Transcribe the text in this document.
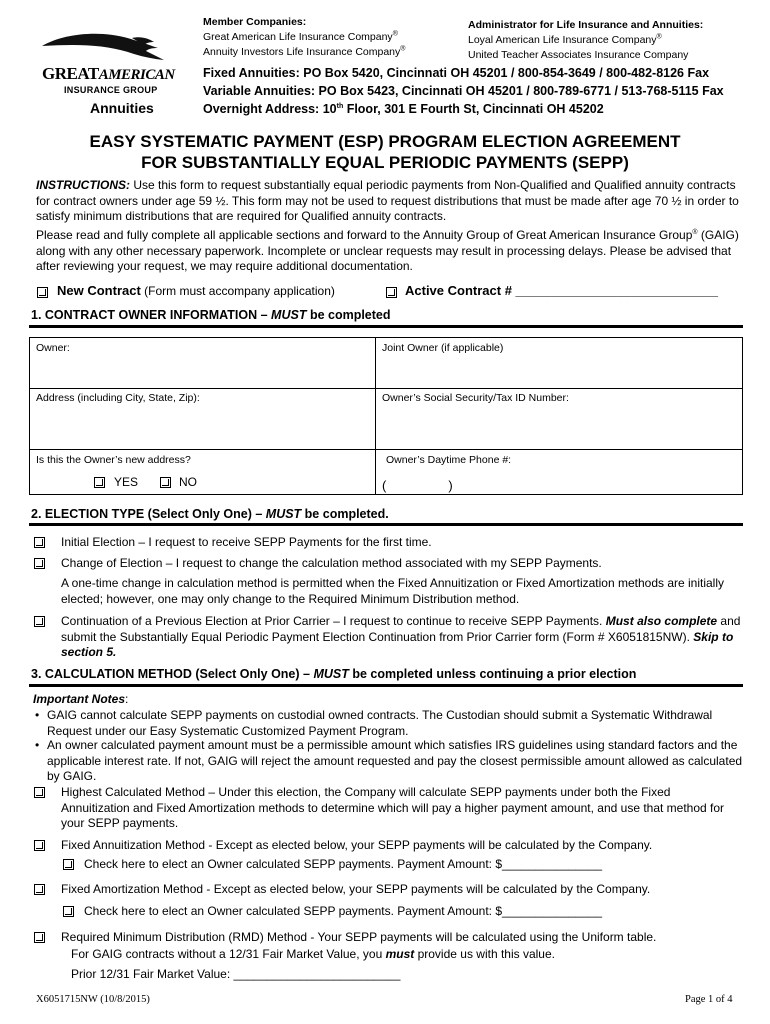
GREATAMERICAN
INSURANCE GROUP
Annuities
Member Companies:
Great American Life Insurance Company®
Annuity Investors Life Insurance Company®
Administrator for Life Insurance and Annuities:
Loyal American Life Insurance Company®
United Teacher Associates Insurance Company
Fixed Annuities: PO Box 5420, Cincinnati OH 45201 / 800-854-3649 / 800-482-8126 Fax
Variable Annuities: PO Box 5423, Cincinnati OH 45201 / 800-789-6771 / 513-768-5115 Fax
Overnight Address: 10th Floor, 301 E Fourth St, Cincinnati OH 45202
EASY SYSTEMATIC PAYMENT (ESP) PROGRAM ELECTION AGREEMENT
FOR SUBSTANTIALLY EQUAL PERIODIC PAYMENTS (SEPP)
INSTRUCTIONS: Use this form to request substantially equal periodic payments from Non-Qualified and Qualified annuity contracts for contract owners under age 59 ½. This form may not be used to request distributions that must be made after age 70 ½ in order to satisfy minimum distributions that are required for Qualified annuity contracts.
Please read and fully complete all applicable sections and forward to the Annuity Group of Great American Insurance Group® (GAIG) along with any other necessary paperwork. Incomplete or unclear requests may result in processing delays. Please be advised that after reviewing your request, we may require additional documentation.
New Contract (Form must accompany application)	Active Contract # ____________________________
1. CONTRACT OWNER INFORMATION – MUST be completed
Owner:	Joint Owner (if applicable)
Address (including City, State, Zip):	Owner’s Social Security/Tax ID Number:
Is this the Owner’s new address?
YES	NO
Owner’s Daytime Phone #:
(	)
2. ELECTION TYPE (Select Only One) – MUST be completed.
Initial Election – I request to receive SEPP Payments for the first time.
Change of Election – I request to change the calculation method associated with my SEPP Payments.
A one-time change in calculation method is permitted when the Fixed Annuitization or Fixed Amortization methods are initially elected; however, one may only change to the Required Minimum Distribution method.
Continuation of a Previous Election at Prior Carrier – I request to continue to receive SEPP Payments. Must also complete and submit the Substantially Equal Periodic Payment Election Continuation from Prior Carrier form (Form # X6051815NW). Skip to section 5.
3. CALCULATION METHOD (Select Only One) – MUST be completed unless continuing a prior election
Important Notes:
• GAIG cannot calculate SEPP payments on custodial owned contracts. The Custodian should submit a Systematic Withdrawal Request under our Easy Systematic Customized Payment Program.
• An owner calculated payment amount must be a permissible amount which satisfies IRS guidelines using standard factors and the applicable interest rate. If not, GAIG will reject the amount requested and pay the closest permissible amount allowed as calculated by GAIG.
Highest Calculated Method – Under this election, the Company will calculate SEPP payments under both the Fixed Annuitization and Fixed Amortization methods to determine which will pay a higher payment amount, and use that method for your SEPP payments.
Fixed Annuitization Method - Except as elected below, your SEPP payments will be calculated by the Company.
Check here to elect an Owner calculated SEPP payments. Payment Amount: $_______________
Fixed Amortization Method - Except as elected below, your SEPP payments will be calculated by the Company.
Check here to elect an Owner calculated SEPP payments. Payment Amount: $_______________
Required Minimum Distribution (RMD) Method - Your SEPP payments will be calculated using the Uniform table.
For GAIG contracts without a 12/31 Fair Market Value, you must provide us with this value.
Prior 12/31 Fair Market Value: _________________________
X6051715NW (10/8/2015)	Page 1 of 4
